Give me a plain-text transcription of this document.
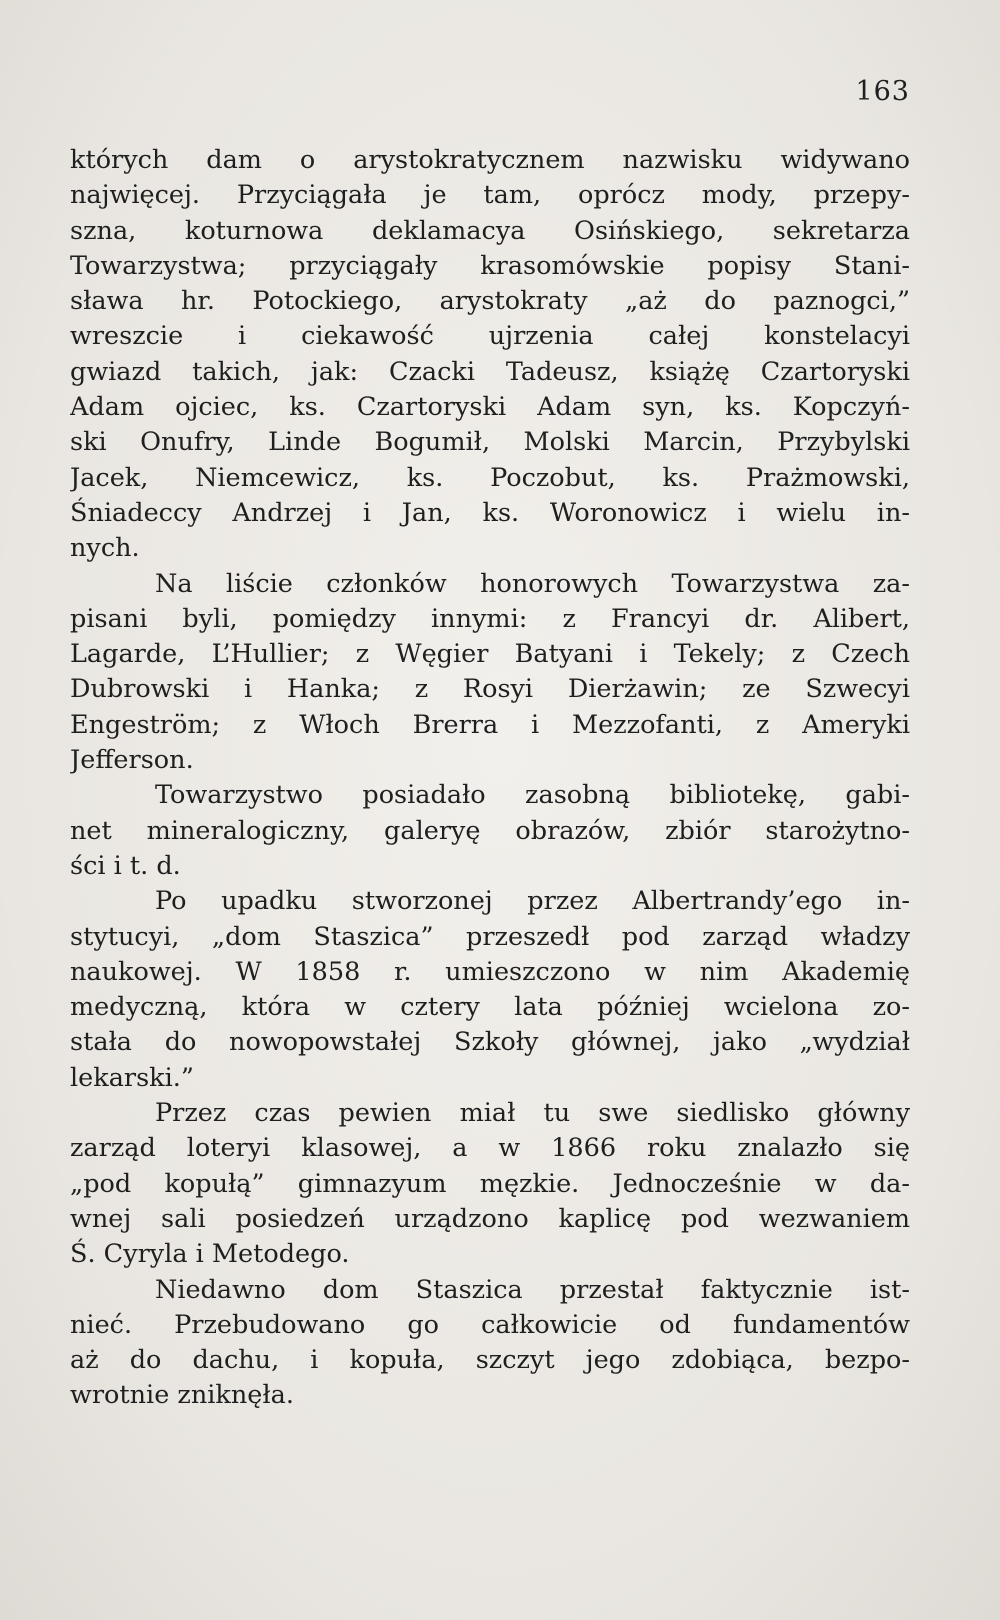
163
których dam o arystokratycznem nazwisku widywano
najwięcej. Przyciągała je tam, oprócz mody, przepy-
szna, koturnowa deklamacya Osińskiego, sekretarza
Towarzystwa; przyciągały krasomówskie popisy Stani-
sława hr. Potockiego, arystokraty „aż do paznogci,”
wreszcie i ciekawość ujrzenia całej konstelacyi
gwiazd takich, jak: Czacki Tadeusz, książę Czartoryski
Adam ojciec, ks. Czartoryski Adam syn, ks. Kopczyń-
ski Onufry, Linde Bogumił, Molski Marcin, Przybylski
Jacek, Niemcewicz, ks. Poczobut, ks. Prażmowski,
Śniadeccy Andrzej i Jan, ks. Woronowicz i wielu in-
nych.
Na liście członków honorowych Towarzystwa za-
pisani byli, pomiędzy innymi: z Francyi dr. Alibert,
Lagarde, L’Hullier; z Węgier Batyani i Tekely; z Czech
Dubrowski i Hanka; z Rosyi Dierżawin; ze Szwecyi
Engeström; z Włoch Brerra i Mezzofanti, z Ameryki
Jefferson.
Towarzystwo posiadało zasobną bibliotekę, gabi-
net mineralogiczny, galeryę obrazów, zbiór starożytno-
ści i t. d.
Po upadku stworzonej przez Albertrandy’ego in-
stytucyi, „dom Staszica” przeszedł pod zarząd władzy
naukowej. W 1858 r. umieszczono w nim Akademię
medyczną, która w cztery lata później wcielona zo-
stała do nowopowstałej Szkoły głównej, jako „wydział
lekarski.”
Przez czas pewien miał tu swe siedlisko główny
zarząd loteryi klasowej, a w 1866 roku znalazło się
„pod kopułą” gimnazyum męzkie. Jednocześnie w da-
wnej sali posiedzeń urządzono kaplicę pod wezwaniem
Ś. Cyryla i Metodego.
Niedawno dom Staszica przestał faktycznie ist-
nieć. Przebudowano go całkowicie od fundamentów
aż do dachu, i kopuła, szczyt jego zdobiąca, bezpo-
wrotnie zniknęła.
